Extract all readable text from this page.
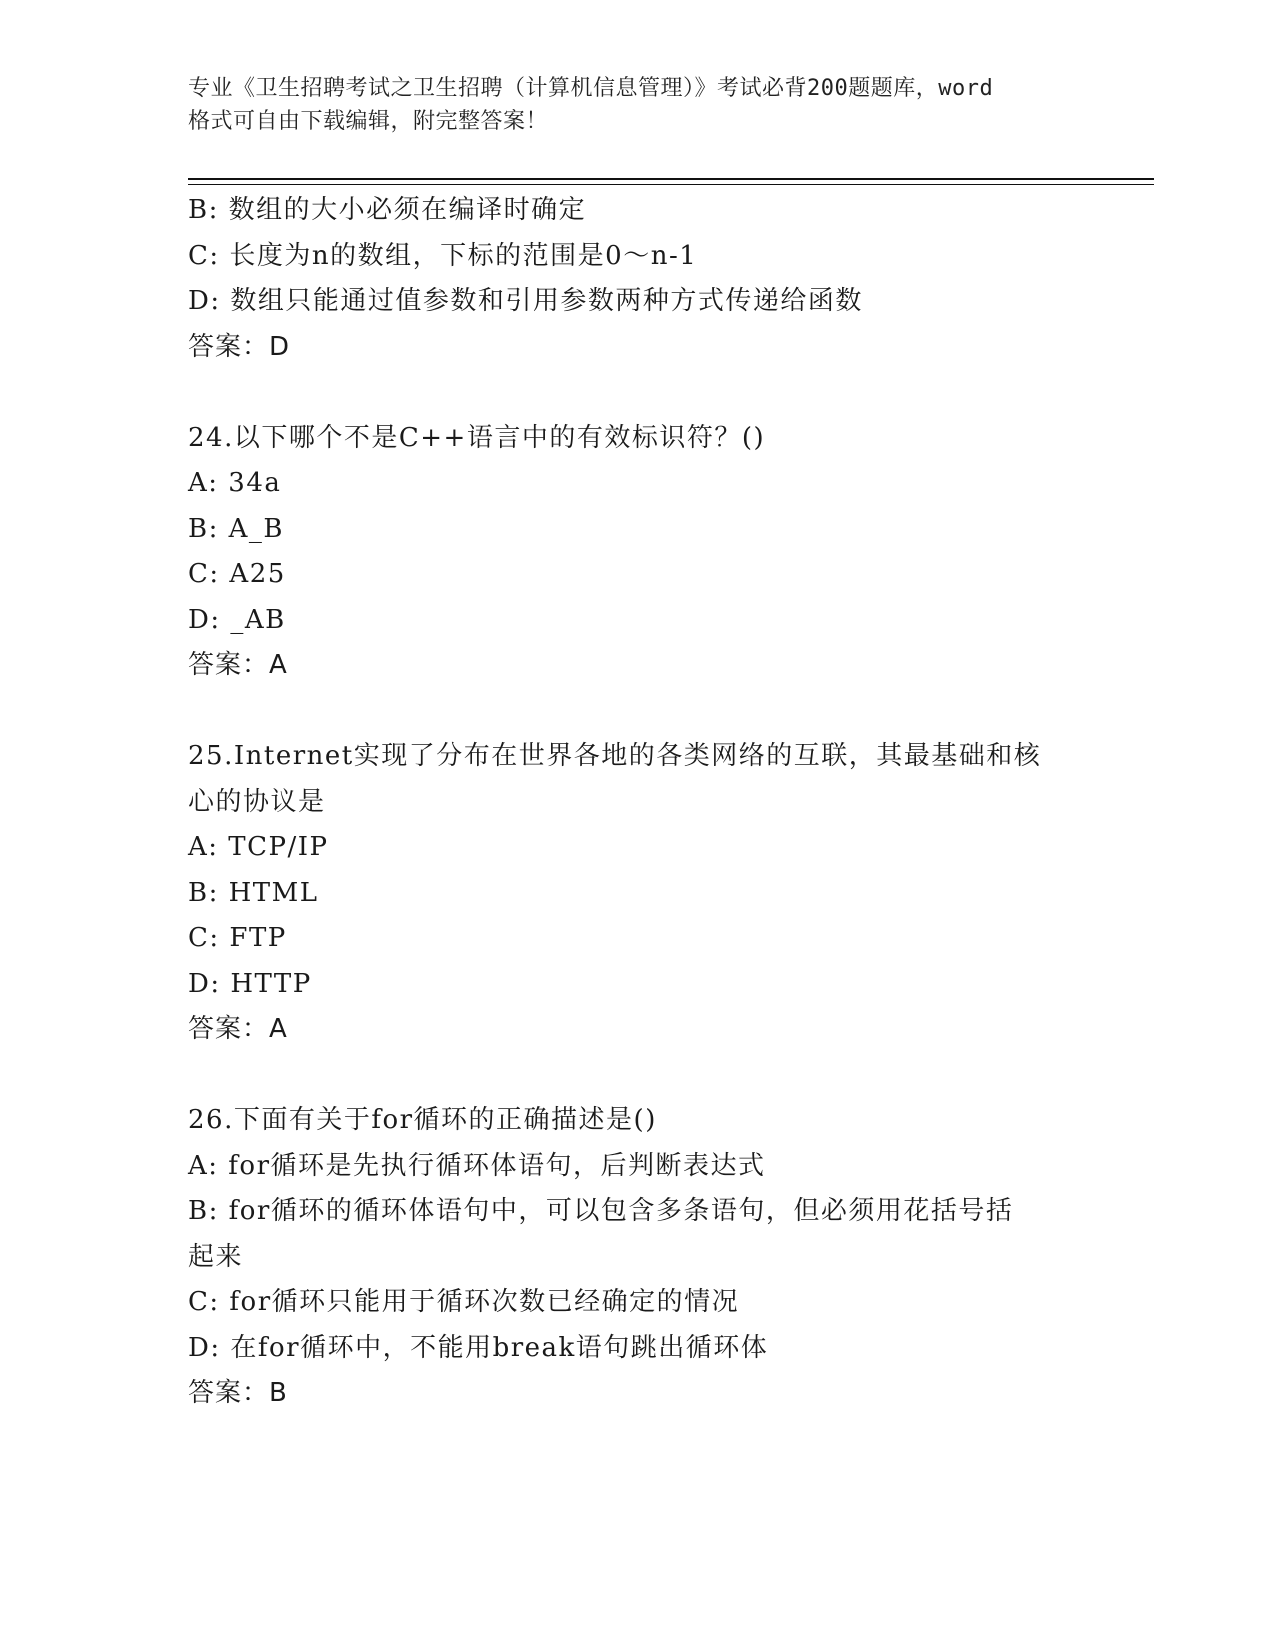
专业《卫生招聘考试之卫生招聘（计算机信息管理）》考试必背200题题库，word
格式可自由下载编辑，附完整答案！
B: 数组的大小必须在编译时确定
C: 长度为n的数组，下标的范围是0～n-1
D: 数组只能通过值参数和引用参数两种方式传递给函数
答案：D
24.以下哪个不是C++语言中的有效标识符？()
A: 34a
B: A_B
C: A25
D: _AB
答案：A
25.Internet实现了分布在世界各地的各类网络的互联，其最基础和核
心的协议是
A: TCP/IP
B: HTML
C: FTP
D: HTTP
答案：A
26.下面有关于for循环的正确描述是()
A: for循环是先执行循环体语句，后判断表达式
B: for循环的循环体语句中，可以包含多条语句，但必须用花括号括
起来
C: for循环只能用于循环次数已经确定的情况
D: 在for循环中，不能用break语句跳出循环体
答案：B
